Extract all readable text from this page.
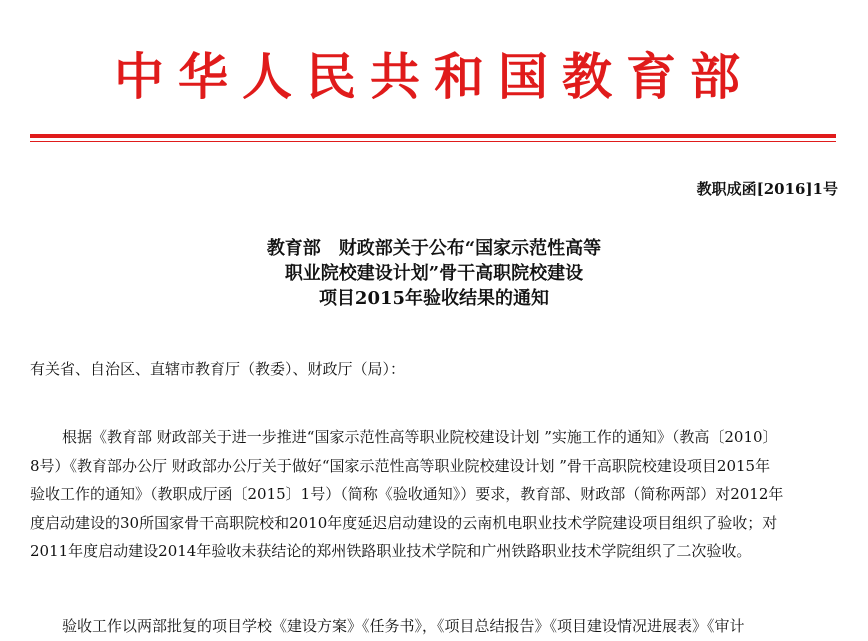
中华人民共和国教育部
教职成函[2016]1号
教育部　财政部关于公布“国家示范性高等
职业院校建设计划”骨干高职院校建设
项目2015年验收结果的通知
有关省、自治区、直辖市教育厅（教委）、财政厅（局）：
根据《教育部 财政部关于进一步推进“国家示范性高等职业院校建设计划 ”实施工作的通知》（教高〔2010〕
8号）《教育部办公厅 财政部办公厅关于做好“国家示范性高等职业院校建设计划 ”骨干高职院校建设项目2015年
验收工作的通知》（教职成厅函〔2015〕1号）（简称《验收通知》）要求，教育部、财政部（简称两部）对2012年
度启动建设的30所国家骨干高职院校和2010年度延迟启动建设的云南机电职业技术学院建设项目组织了验收；对
2011年度启动建设2014年验收未获结论的郑州铁路职业技术学院和广州铁路职业技术学院组织了二次验收。
验收工作以两部批复的项目学校《建设方案》《任务书》，《项目总结报告》《项目建设情况进展表》《审计
